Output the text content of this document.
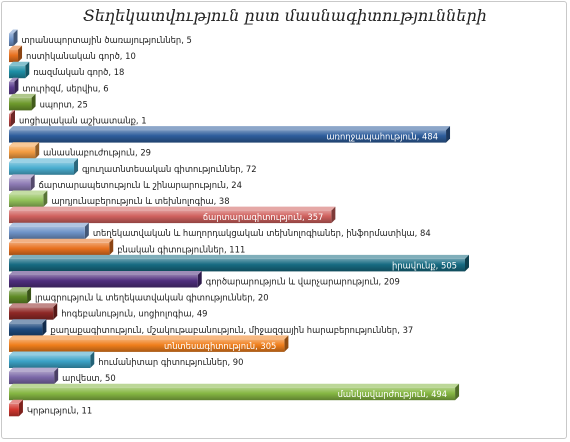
Տեղեկատվություն ըստ մասնագիտությունների
տրանսպորտային ծառայություններ, 5
ոստիկանական գործ, 10
ռազմական գործ, 18
տուրիզմ, սերվիս, 6
սպորտ, 25
սոցիալական աշխատանք, 1
առողջապահություն, 484
անասնաբուժություն, 29
գյուղատնտեսական գիտություններ, 72
ճարտարապետություն և շինարարություն, 24
արդյունաբերություն և տեխնոլոգիա, 38
ճարտարագիտություն, 357
տեղեկատվական և հաղորդակցական տեխնոլոգիաներ, ինֆորմատիկա, 84
բնական գիտություններ, 111
իրավունք, 505
գործարարություն և վարչարարություն, 209
լրագրություն և տեղեկատվական գիտություններ, 20
հոգեբանություն, սոցիոլոգիա, 49
քաղաքագիտություն, մշակութաբանություն, միջազգային հարաբերություններ, 37
տնտեսագիտություն, 305
հումանիտար գիտություններ, 90
արվեստ, 50
մանկավարժություն, 494
Կրթություն, 11
